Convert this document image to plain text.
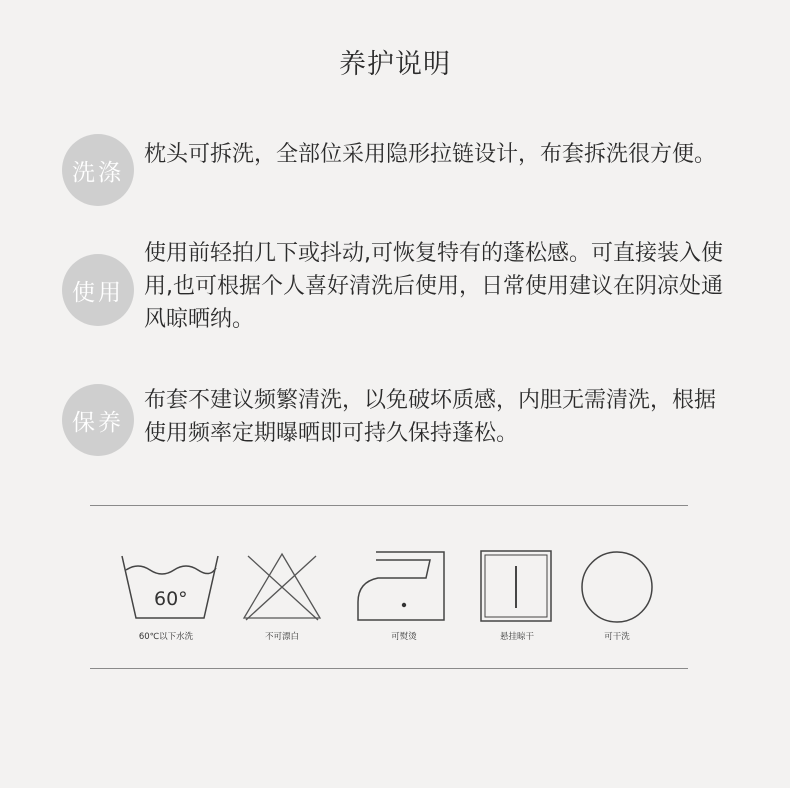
养护说明
洗涤
枕头可拆洗，全部位采用隐形拉链设计，布套拆洗很方便。
使用
使用前轻拍几下或抖动,可恢复特有的蓬松感。可直接装入使用,也可根据个人喜好清洗后使用，日常使用建议在阴凉处通风晾晒纳。
保养
布套不建议频繁清洗，以免破坏质感，内胆无需清洗，根据使用频率定期曝晒即可持久保持蓬松。
60°
60℃以下水洗	不可漂白	可熨烫	悬挂晾干	可干洗
